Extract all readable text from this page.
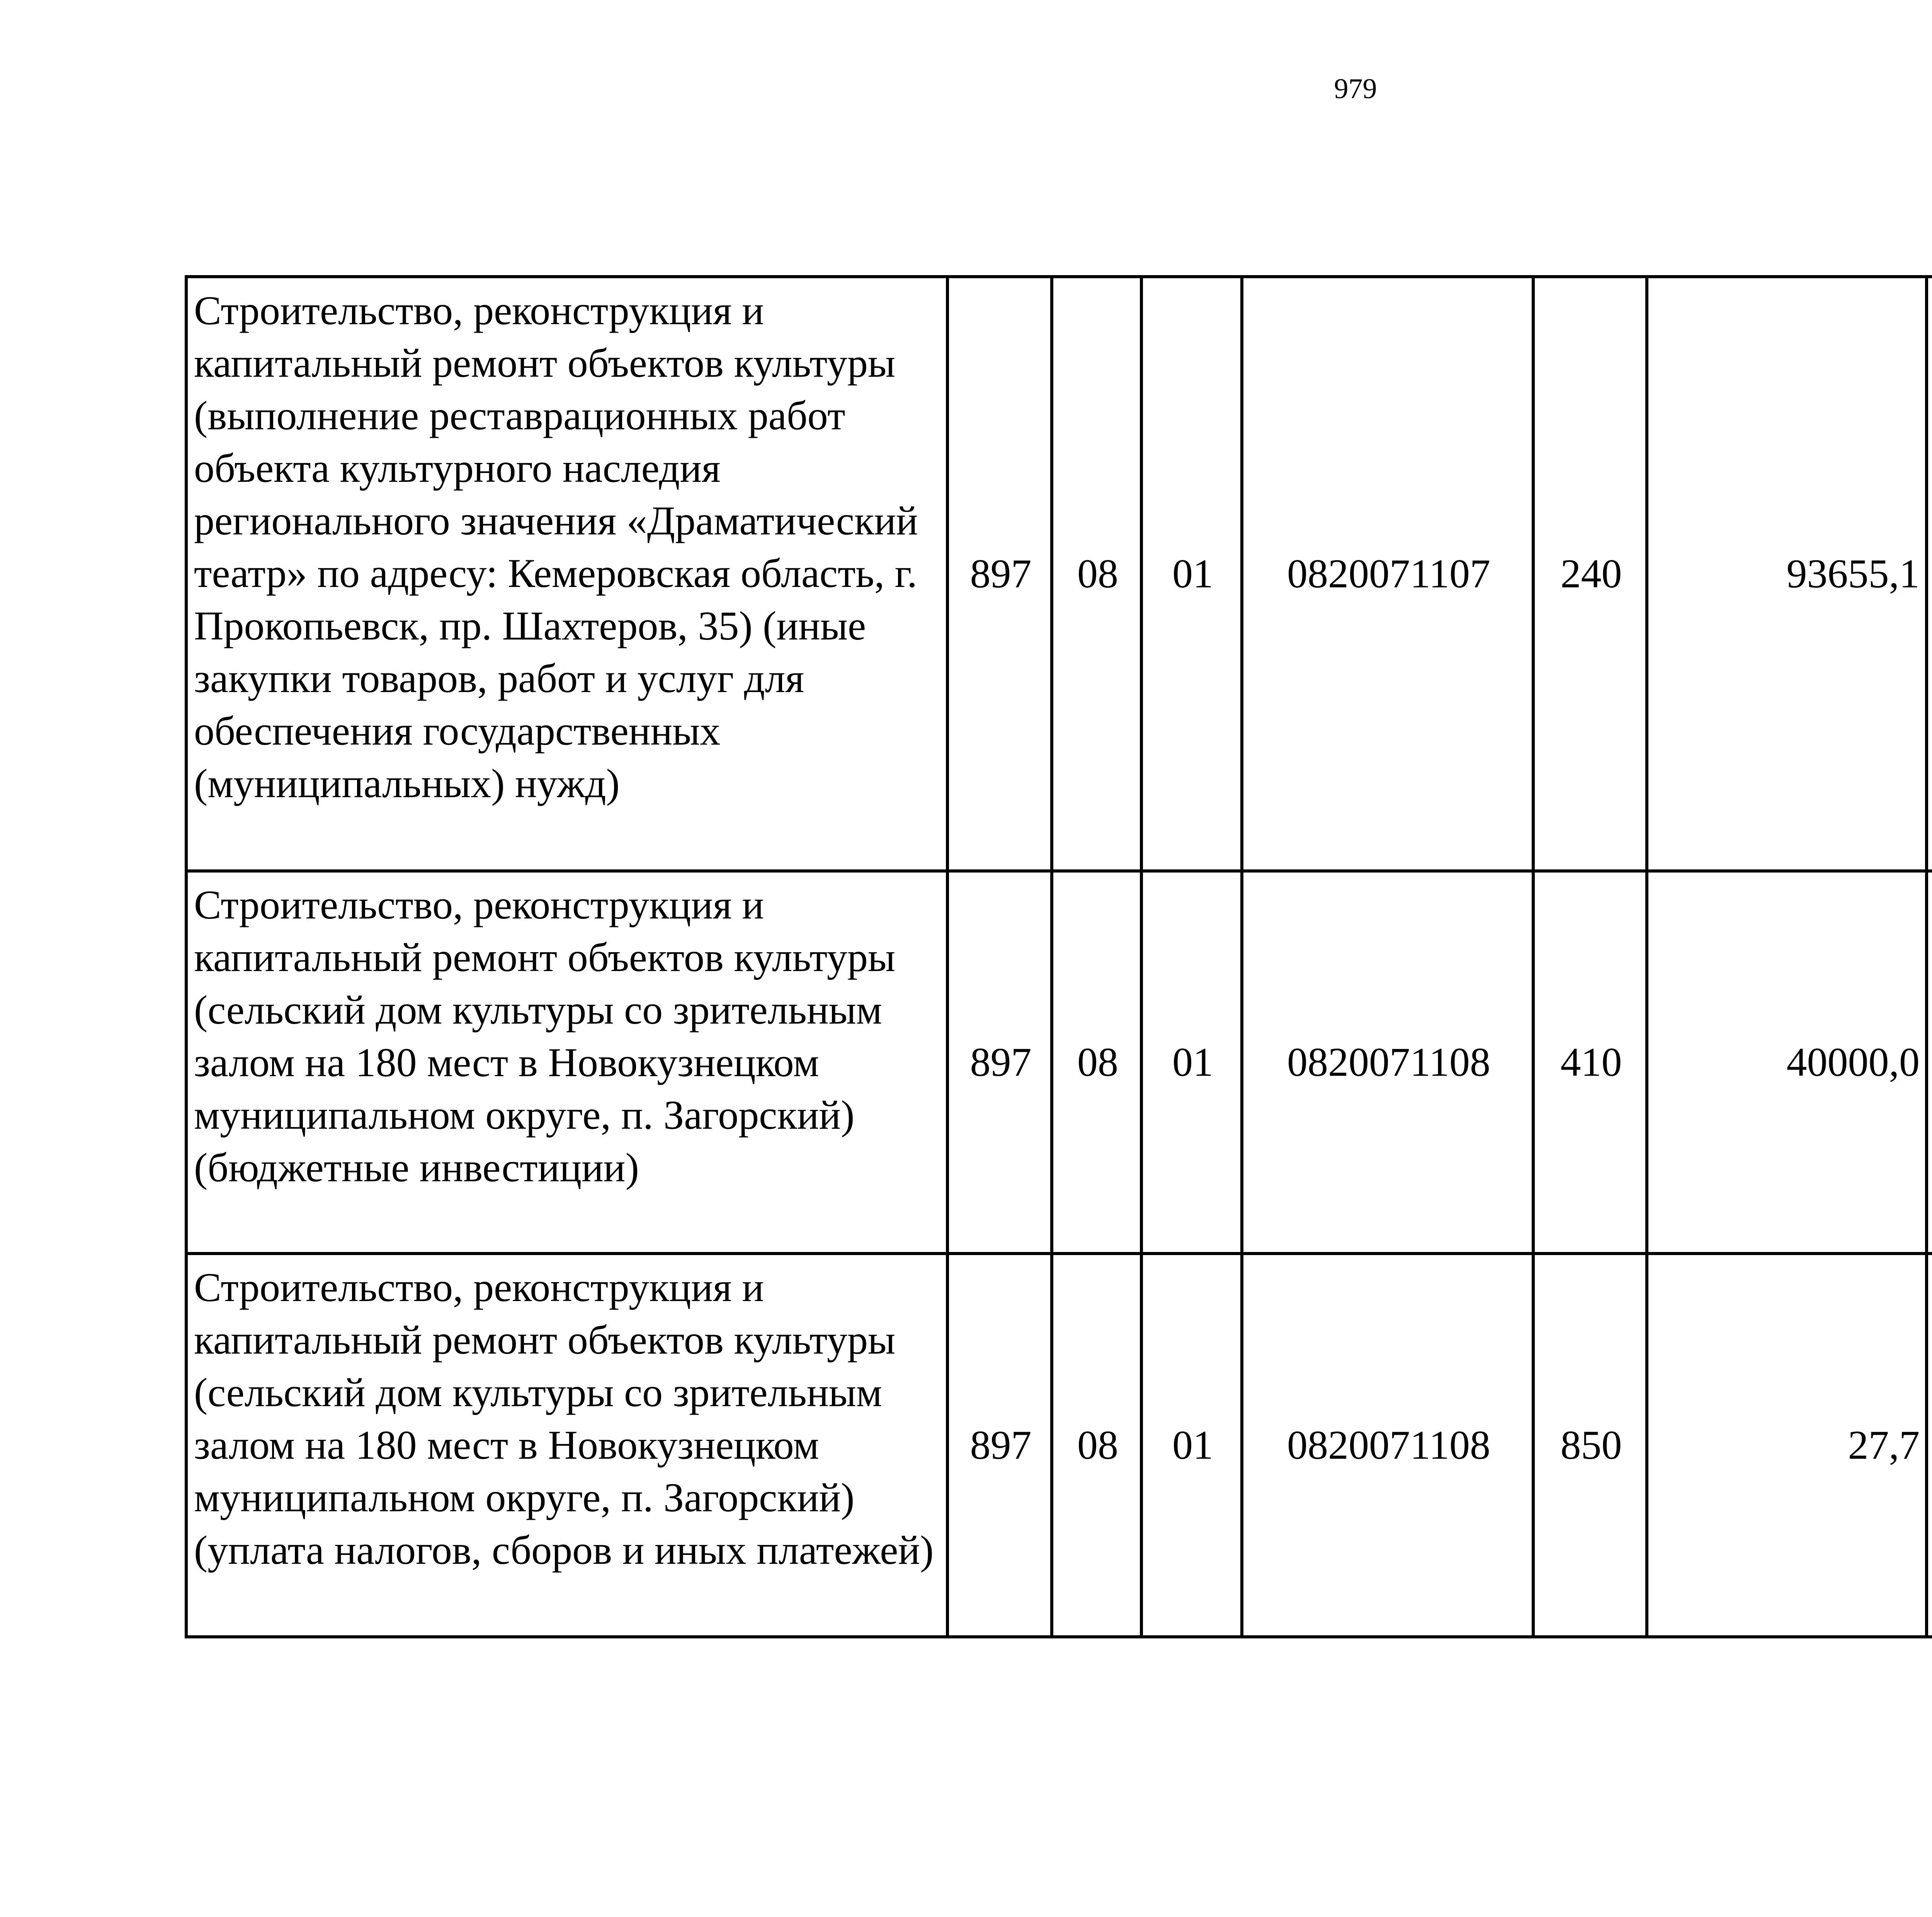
979
Строительство, реконструкция и капитальный ремонт объектов культуры (выполнение реставрационных работ объекта культурного наследия регионального значения «Драматический театр» по адресу: Кемеровская область, г. Прокопьевск, пр. Шахтеров, 35) (иные закупки товаров, работ и услуг для обеспечения государственных (муниципальных) нужд)	897	08	01	0820071107	240	93655,1		
Строительство, реконструкция и капитальный ремонт объектов культуры (сельский дом культуры со зрительным залом на 180 мест в Новокузнецком муниципальном округе, п. Загорский) (бюджетные инвестиции)	897	08	01	0820071108	410	40000,0		
Строительство, реконструкция и капитальный ремонт объектов культуры (сельский дом культуры со зрительным залом на 180 мест в Новокузнецком муниципальном округе, п. Загорский) (уплата налогов, сборов и иных платежей)	897	08	01	0820071108	850	27,7		
